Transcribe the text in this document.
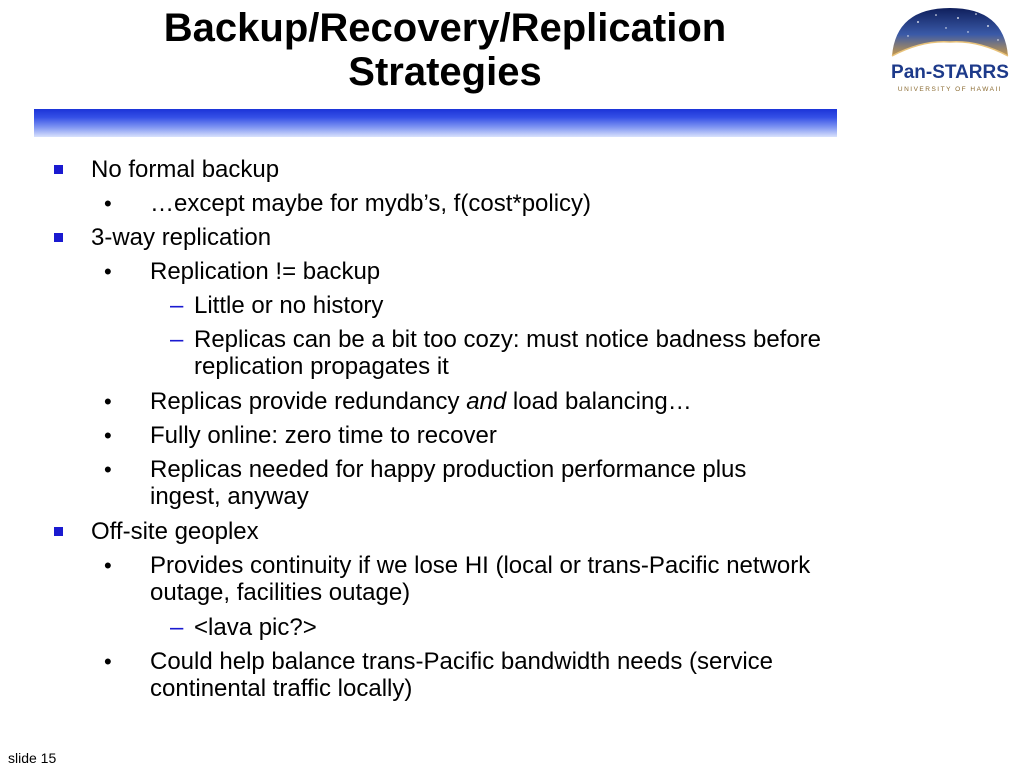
Backup/Recovery/Replication
Strategies	Pan-STARRS
UNIVERSITY OF HAWAII
No formal backup
• …except maybe for mydb’s, f(cost*policy)
3-way replication
• Replication != backup
– Little or no history
– Replicas can be a bit too cozy: must notice badness before
replication propagates it
• Replicas provide redundancy and load balancing…
• Fully online: zero time to recover
• Replicas needed for happy production performance plus
ingest, anyway
Off-site geoplex
• Provides continuity if we lose HI (local or trans-Pacific network
outage, facilities outage)
– <lava pic?>
• Could help balance trans-Pacific bandwidth needs (service
continental traffic locally)
slide 15
